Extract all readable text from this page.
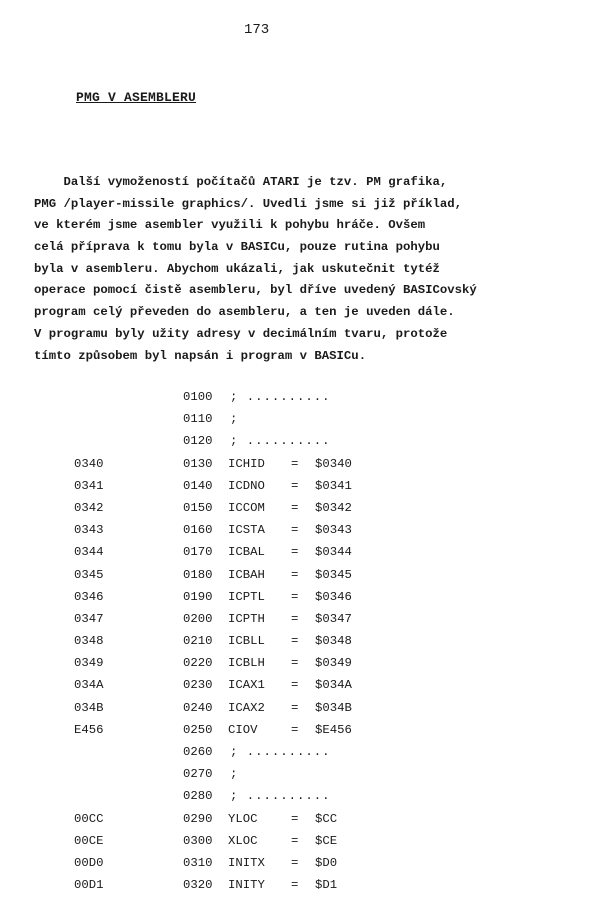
173
PMG V ASEMBLERU
Další vymožeností počítačů ATARI je tzv. PM grafika,
PMG /player-missile graphics/. Uvedli jsme si již příklad,
ve kterém jsme asembler využili k pohybu hráče. Ovšem
celá příprava k tomu byla v BASICu, pouze rutina pohybu
byla v asembleru. Abychom ukázali, jak uskutečnit tytéž
operace pomocí čistě asembleru, byl dříve uvedený BASICovský
program celý převeden do asembleru, a ten je uveden dále.
V programu byly užity adresy v decimálním tvaru, protože
tímto způsobem byl napsán i program v BASICu.
0100 ; ..........
0110 ;
0120 ; ..........
0340	0130 ICHID = $0340
0341	0140 ICDNO = $0341
0342	0150 ICCOM = $0342
0343	0160 ICSTA = $0343
0344	0170 ICBAL = $0344
0345	0180 ICBAH = $0345
0346	0190 ICPTL = $0346
0347	0200 ICPTH = $0347
0348	0210 ICBLL = $0348
0349	0220 ICBLH = $0349
034A	0230 ICAX1 = $034A
034B	0240 ICAX2 = $034B
E456	0250 CIOV	= $E456
0260 ; ..........
0270 ;
0280 ; ..........
00CC	0290 YLOC	= $CC
00CE	0300 XLOC	= $CE
00D0	0310 INITX = $D0
00D1	0320 INITY = $D1
